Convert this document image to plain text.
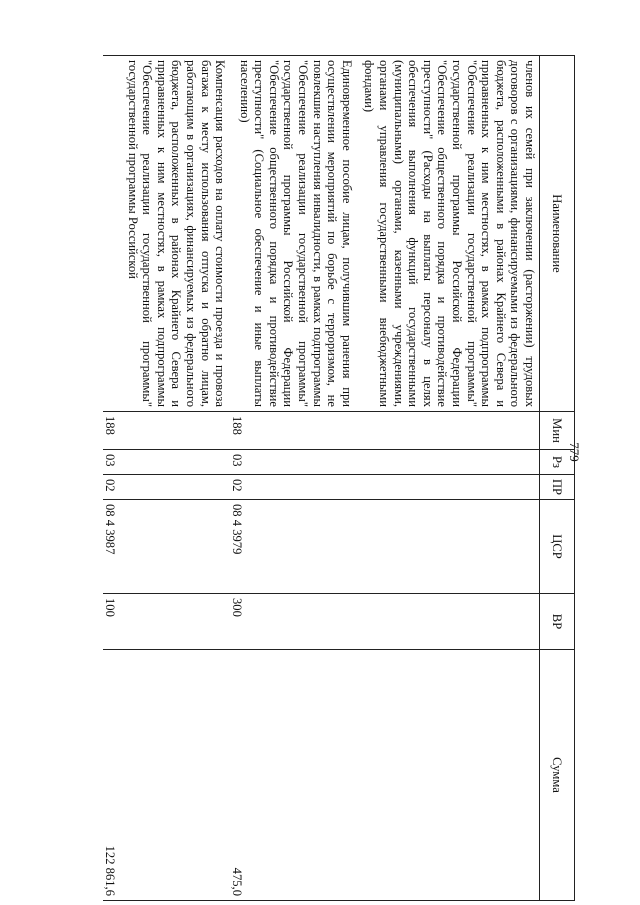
779
Наименование	Мин	Рз	ПР	ЦСР	ВР	Сумма
членов их семей при заключении (расторжении) трудовых договоров с организациями, финансируемыми из федерального бюджета, расположенными в районах Крайнего Севера и приравненных к ним местностях, в рамках подпрограммы "Обеспечение реализации государственной программы" государственной программы Российской Федерации "Обеспечение общественного порядка и противодействие преступности" (Расходы на выплаты персоналу в целях обеспечения выполнения функций государственными (муниципальными) органами, казенными учреждениями, органами управления государственными внебюджетными фондами)						
Единовременное пособие лицам, получившим ранения при осуществлении мероприятий по борьбе с терроризмом, не повлекшие наступления инвалидности, в рамках подпрограммы "Обеспечение реализации государственной программы" государственной программы Российской Федерации "Обеспечение общественного порядка и противодействие преступности" (Социальное обеспечение и иные выплаты населению)	188	03	02	08 4 3979	300	475,0
Компенсация расходов на оплату стоимости проезда и провоза багажа к месту использования отпуска и обратно лицам, работающим в организациях, финансируемых из федерального бюджета, расположенных в районах Крайнего Севера и приравненных к ним местностях, в рамках подпрограммы "Обеспечение реализации государственной программы" государственной программы Российской	188	03	02	08 4 3987	100	122 861,6
